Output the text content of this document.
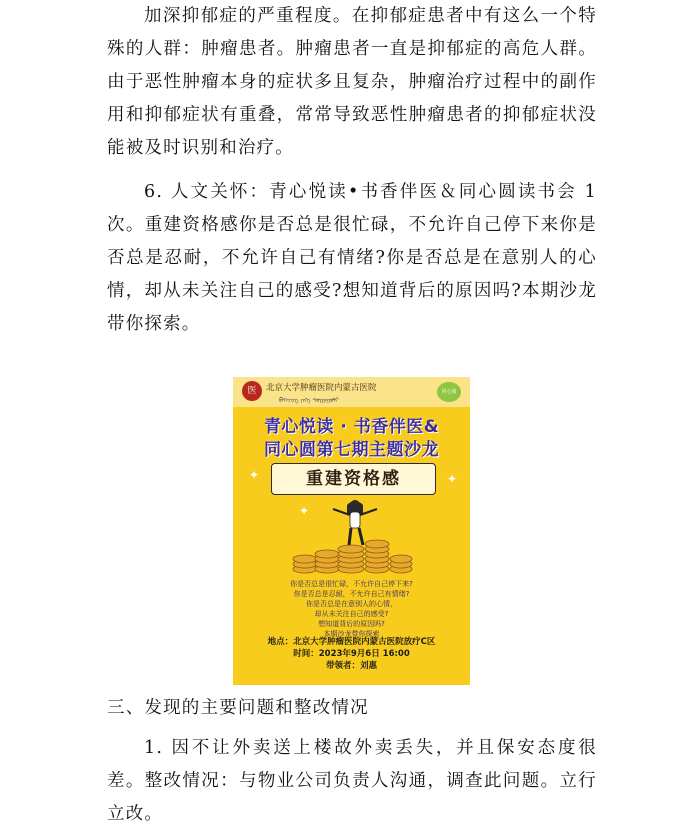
加深抑郁症的严重程度。在抑郁症患者中有这么一个特殊的人群：肿瘤患者。肿瘤患者一直是抑郁症的高危人群。由于恶性肿瘤本身的症状多且复杂，肿瘤治疗过程中的副作用和抑郁症状有重叠，常常导致恶性肿瘤患者的抑郁症状没能被及时识别和治疗。

6. 人文关怀：青心悦读•书香伴医＆同心圆读书会 1 次。重建资格感你是否总是很忙碌，不允许自己停下来你是否总是忍耐，不允许自己有情绪?你是否总是在意别人的心情，却从未关注自己的感受?想知道背后的原因吗?本期沙龙带你探索。

医	北京大学肿瘤医院内蒙古医院
ᠪᠡᠭᠡᠵᠢᠩ ᠶᠡᠬᠡ ᠰᠤᠷᠭᠠᠭᠤᠯᠢ
同心圆
青心悦读 · 书香伴医&
同心圆第七期主题沙龙
重建资格感
✦	✦
✦
你是否总是很忙碌，不允许自己停下来?
你是否总是忍耐，不允许自己有情绪?
你是否总是在意别人的心情，
却从未关注自己的感受?
想知道背后的原因吗?
本期沙龙带你探索
地点：北京大学肿瘤医院内蒙古医院放疗C区
时间：2023年9月6日 16:00
带领者：刘惠

三、发现的主要问题和整改情况

1. 因不让外卖送上楼故外卖丢失，并且保安态度很差。整改情况：与物业公司负责人沟通，调查此问题。立行立改。
